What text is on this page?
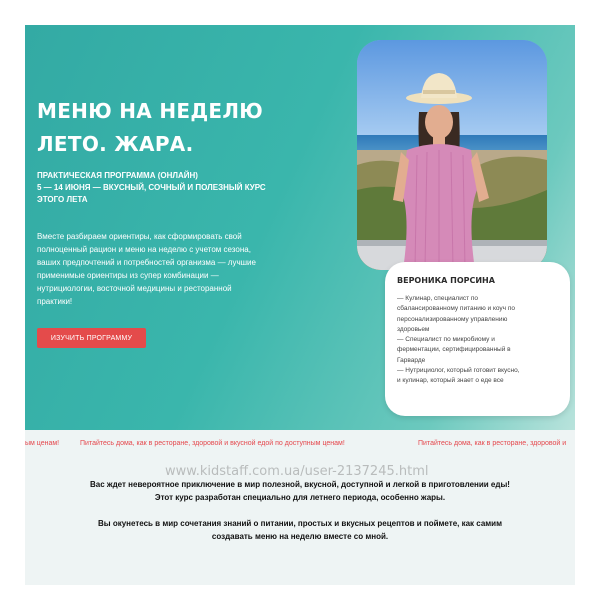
МЕНЮ НА НЕДЕЛЮ
ЛЕТО. ЖАРА.

ПРАКТИЧЕСКАЯ ПРОГРАММА (ОНЛАЙН)
5 — 14 ИЮНЯ — ВКУСНЫЙ, СОЧНЫЙ И ПОЛЕЗНЫЙ КУРС
ЭТОГО ЛЕТА

Вместе разбираем ориентиры, как сформировать свой
полноценный рацион и меню на неделю с учетом сезона,
ваших предпочтений и потребностей организма — лучшие
применимые ориентиры из супер комбинации —
нутрициологии, восточной медицины и ресторанной
практики!

ИЗУЧИТЬ ПРОГРАММУ
ВЕРОНИКА ПОРСИНА
— Кулинар, специалист по
сбалансированному питанию и коуч по
персонализированному управлению
здоровьем
— Специалист по микробиому и
ферментации, сертифицированный в
Гарварде
— Нутрициолог, который готовит вкусно,
и кулинар, который знает о еде все
ым ценам!	Питайтесь дома, как в ресторане, здоровой и вкусной едой по доступным ценам!	Питайтесь дома, как в ресторане, здоровой и

www.kidstaff.com.ua/user-2137245.html

Вас ждет невероятное приключение в мир полезной, вкусной, доступной и легкой в приготовлении еды!

Этот курс разработан специально для летнего периода, особенно жары.

Вы окунетесь в мир сочетания знаний о питании, простых и вкусных рецептов и поймете, как самим

создавать меню на неделю вместе со мной.
